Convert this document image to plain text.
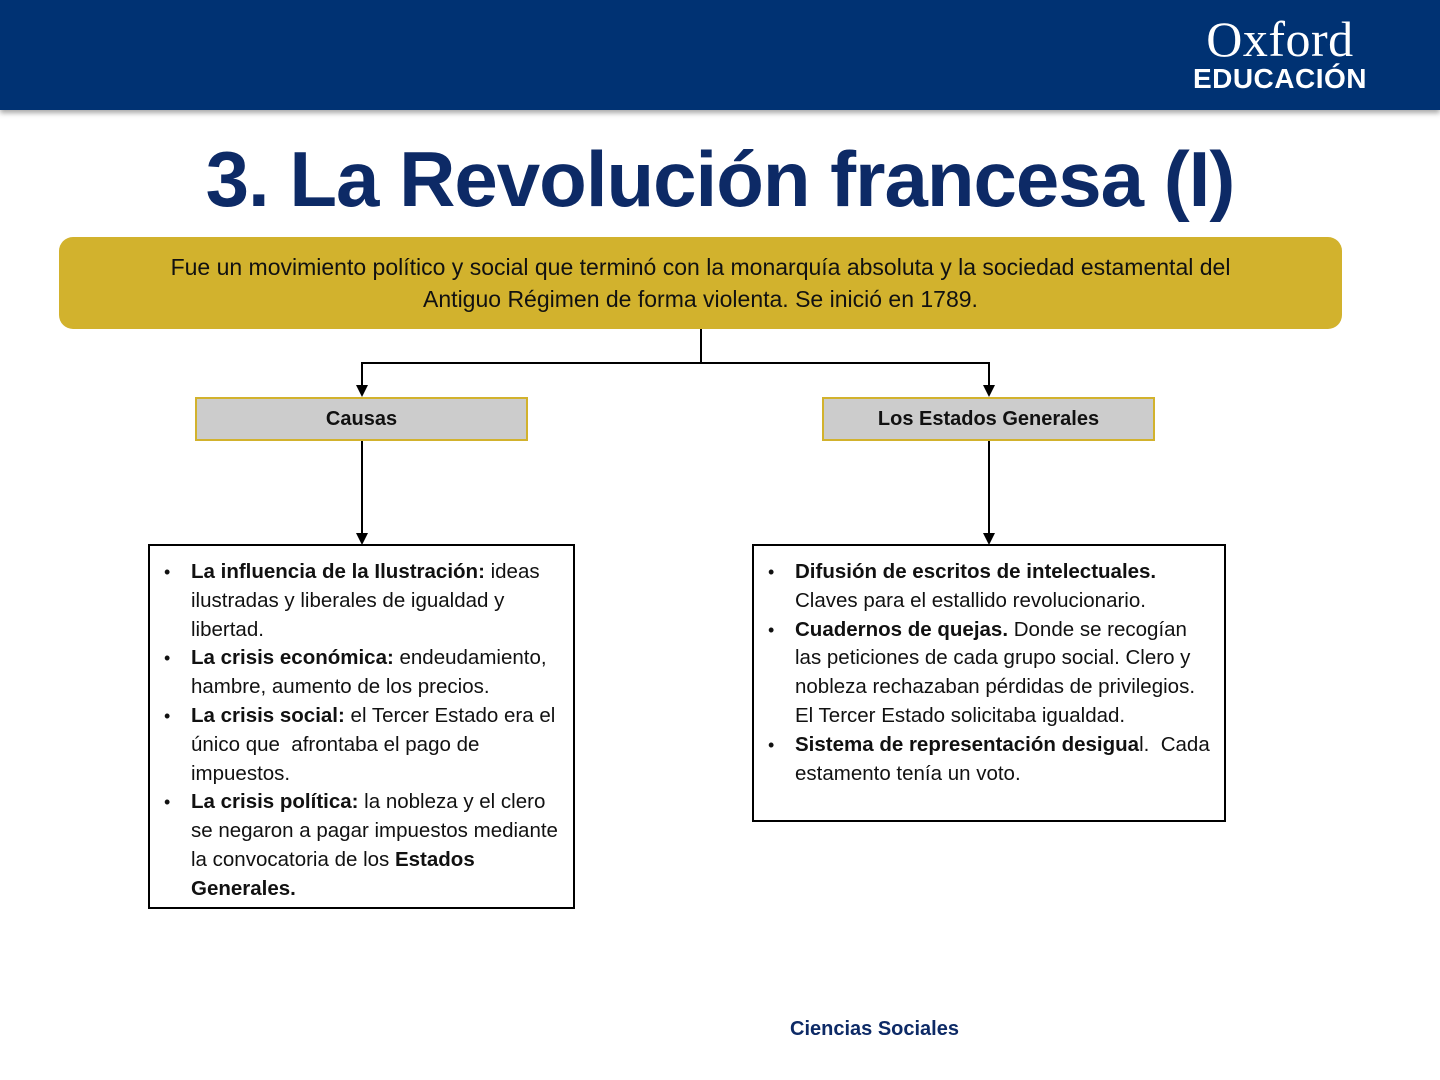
Oxford
EDUCACIÓN
3. La Revolución francesa (I)
Fue un movimiento político y social que terminó con la monarquía absoluta y la sociedad estamental del
Antiguo Régimen de forma violenta. Se inició en 1789.
Causas	Los Estados Generales
• La influencia de la Ilustración: ideas ilustradas y liberales de igualdad y libertad.
• La crisis económica: endeudamiento, hambre, aumento de los precios.
• La crisis social: el Tercer Estado era el único que  afrontaba el pago de impuestos.
• La crisis política: la nobleza y el clero se negaron a pagar impuestos mediante la convocatoria de los Estados Generales.
• Difusión de escritos de intelectuales. Claves para el estallido revolucionario.
• Cuadernos de quejas. Donde se recogían las peticiones de cada grupo social. Clero y nobleza rechazaban pérdidas de privilegios. El Tercer Estado solicitaba igualdad.
• Sistema de representación desigual.  Cada estamento tenía un voto.
Ciencias Sociales
